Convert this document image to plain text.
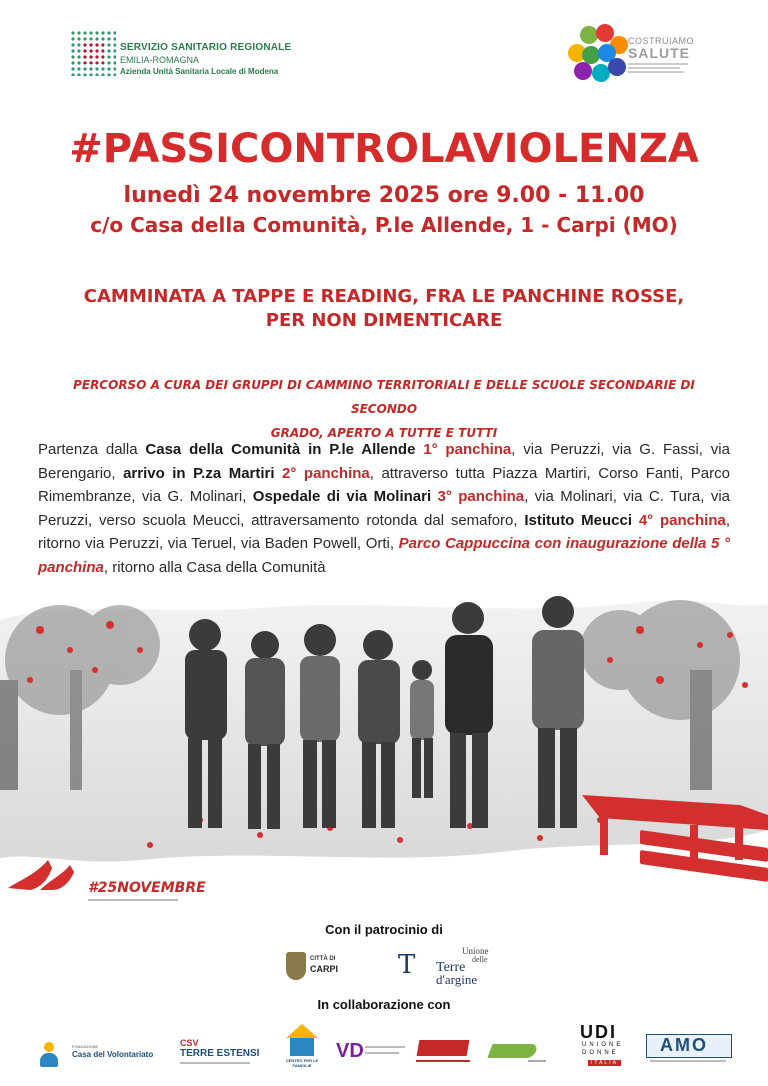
SERVIZIO SANITARIO REGIONALE
EMILIA-ROMAGNA
Azienda Unità Sanitaria Locale di Modena
COSTRUIAMO
SALUTE
#PASSICONTROLAVIOLENZA
lunedì 24 novembre 2025 ore 9.00 - 11.00
c/o Casa della Comunità, P.le Allende, 1 - Carpi (MO)
CAMMINATA A TAPPE E READING, FRA LE PANCHINE ROSSE,
PER NON DIMENTICARE
PERCORSO A CURA DEI GRUPPI DI CAMMINO TERRITORIALI E DELLE SCUOLE SECONDARIE DI SECONDO
GRADO, APERTO A TUTTE E TUTTI
Partenza dalla Casa della Comunità in P.le Allende 1° panchina, via Peruzzi, via G. Fassi, via Berengario, arrivo in P.za Martiri 2° panchina, attraverso tutta Piazza Martiri, Corso Fanti, Parco Rimembranze, via G. Molinari, Ospedale di via Molinari 3° panchina, via Molinari, via C. Tura, via Peruzzi, verso scuola Meucci, attraversamento rotonda dal semaforo, Istituto Meucci 4° panchina, ritorno via Peruzzi, via Teruel, via Baden Powell, Orti, Parco Cappuccina con inaugurazione della 5 ° panchina, ritorno alla Casa della Comunità
#25NOVEMBRE
Con il patrocinio di
CITTÀ DI
CARPI T	Unione
delle
Terre
d'argine
In collaborazione con
FONDAZIONE
Casa del Volontariato
CSV
TERRE ESTENSI
CENTRO PER LE FAMIGLIE
VD
UDI
UNIONE
DONNE
ITALIA
AMO
